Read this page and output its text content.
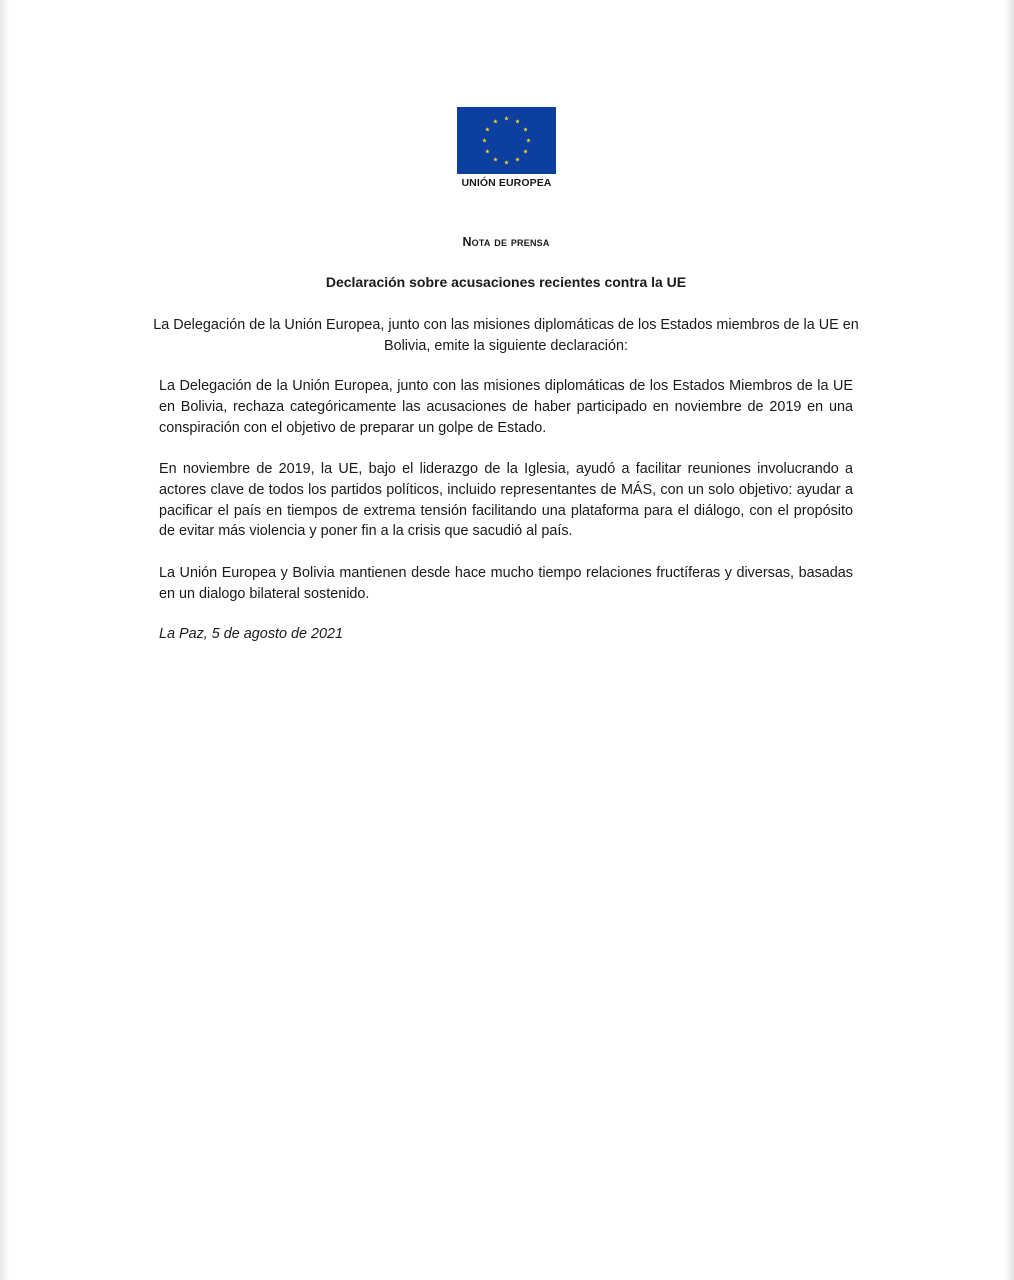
UNIÓN EUROPEA
Nota de prensa
Declaración sobre acusaciones recientes contra la UE

La Delegación de la Unión Europea, junto con las misiones diplomáticas de los Estados miembros de la UE en Bolivia, emite la siguiente declaración:

La Delegación de la Unión Europea, junto con las misiones diplomáticas de los Estados Miembros de la UE en Bolivia, rechaza categóricamente las acusaciones de haber participado en noviembre de 2019 en una conspiración con el objetivo de preparar un golpe de Estado.

En noviembre de 2019, la UE, bajo el liderazgo de la Iglesia, ayudó a facilitar reuniones involucrando a actores clave de todos los partidos políticos, incluido representantes de MÁS, con un solo objetivo: ayudar a pacificar el país en tiempos de extrema tensión facilitando una plataforma para el diálogo, con el propósito de evitar más violencia y poner fin a la crisis que sacudió al país.

La Unión Europea y Bolivia mantienen desde hace mucho tiempo relaciones fructíferas y diversas, basadas en un dialogo bilateral sostenido.

La Paz, 5 de agosto de 2021
